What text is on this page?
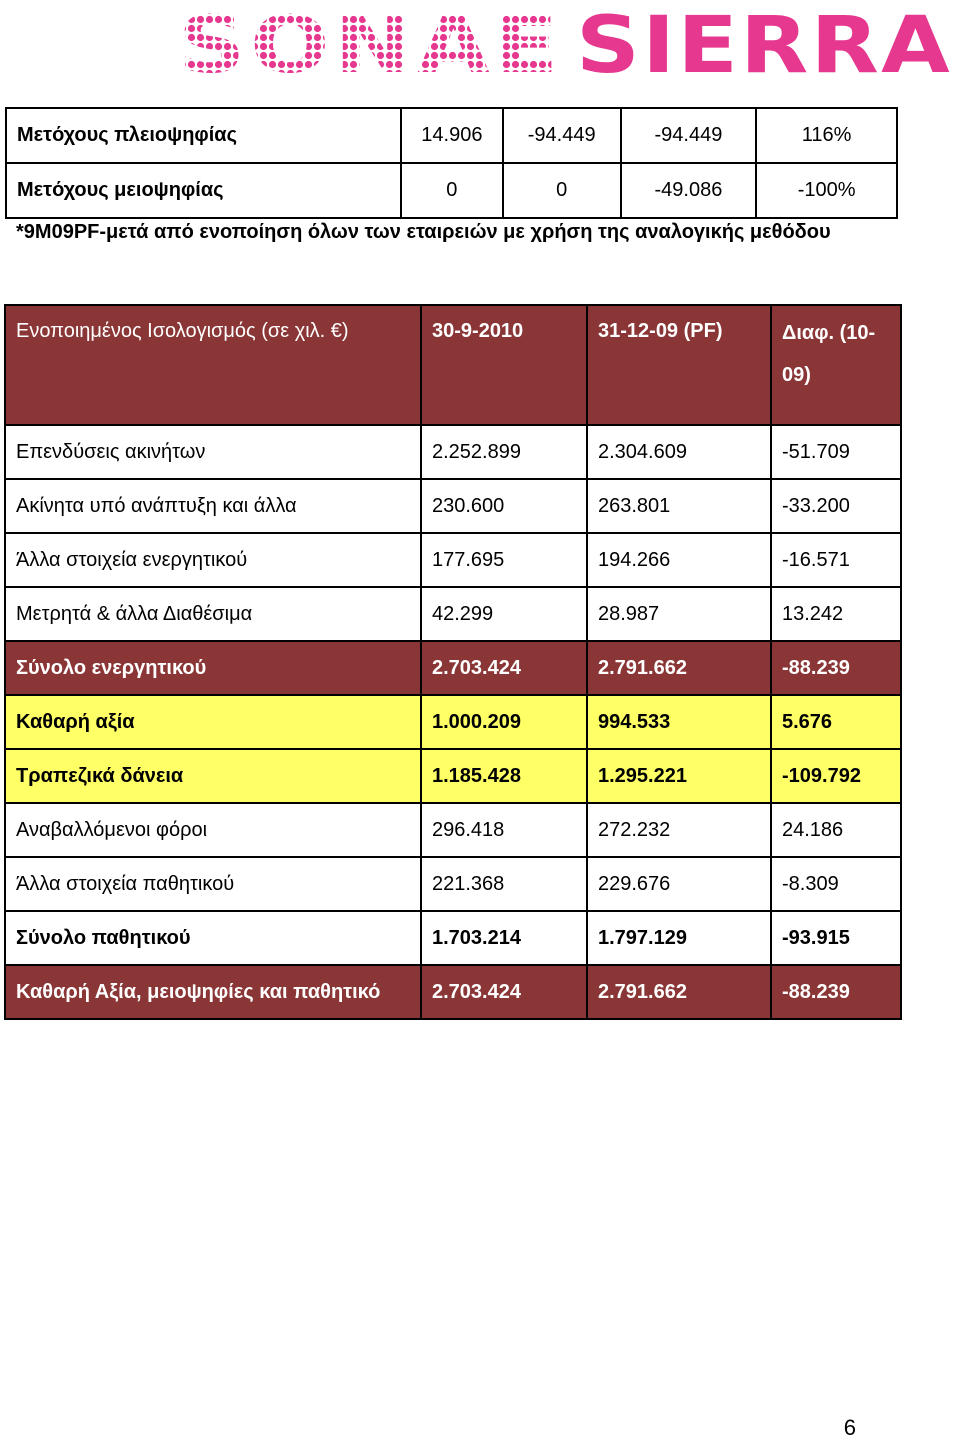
SONAE SIERRA
Μετόχους πλειοψηφίας	14.906	-94.449	-94.449	116%
Μετόχους μειοψηφίας	0	0	-49.086	-100%
*9M09PF-μετά από ενοποίηση όλων των εταιρειών με χρήση της αναλογικής μεθόδου				
Ενοποιημένος Ισολογισμός (σε χιλ. €)	30-9-2010	31-12-09 (PF)	Διαφ. (10-09)
Επενδύσεις ακινήτων	2.252.899	2.304.609	-51.709
Ακίνητα υπό ανάπτυξη και άλλα	230.600	263.801	-33.200
Άλλα στοιχεία ενεργητικού	177.695	194.266	-16.571
Μετρητά & άλλα Διαθέσιμα	42.299	28.987	13.242
Σύνολο ενεργητικού	2.703.424	2.791.662	-88.239
Καθαρή αξία	1.000.209	994.533	5.676
Τραπεζικά δάνεια	1.185.428	1.295.221	-109.792
Αναβαλλόμενοι φόροι	296.418	272.232	24.186
Άλλα στοιχεία παθητικού	221.368	229.676	-8.309
Σύνολο παθητικού	1.703.214	1.797.129	-93.915
Καθαρή Αξία, μειοψηφίες και παθητικό	2.703.424	2.791.662	-88.239
6
